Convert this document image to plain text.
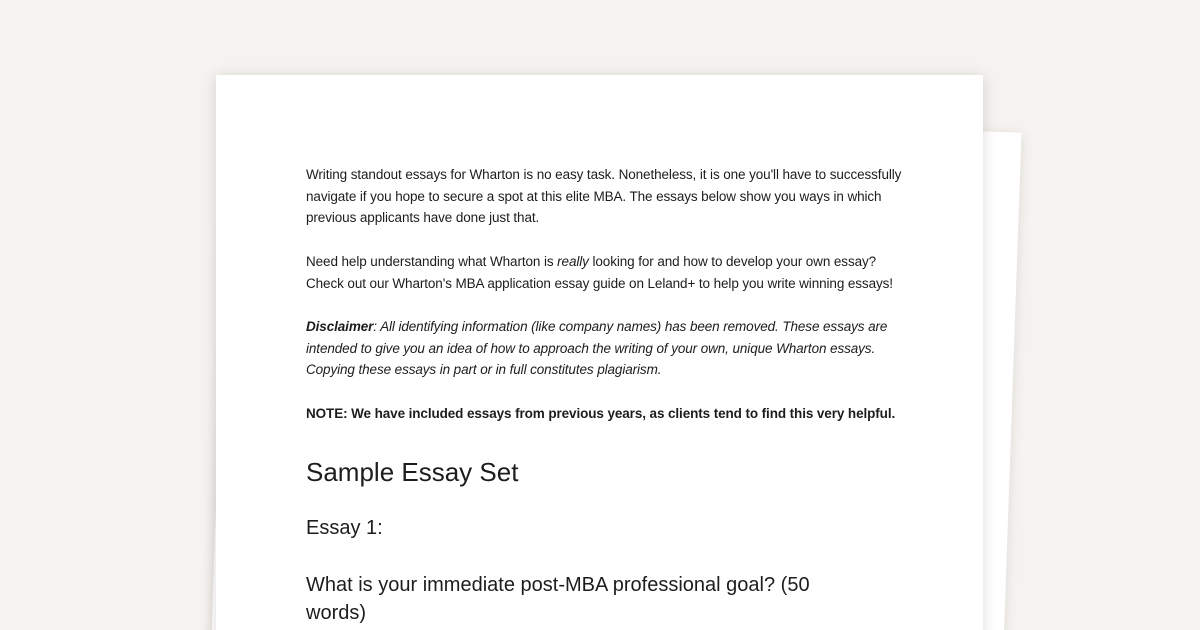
Writing standout essays for Wharton is no easy task. Nonetheless, it is one you'll have to successfully navigate if you hope to secure a spot at this elite MBA. The essays below show you ways in which previous applicants have done just that.

Need help understanding what Wharton is really looking for and how to develop your own essay? Check out our Wharton's MBA application essay guide on Leland+ to help you write winning essays!

Disclaimer: All identifying information (like company names) has been removed. These essays are intended to give you an idea of how to approach the writing of your own, unique Wharton essays. Copying these essays in part or in full constitutes plagiarism.

NOTE: We have included essays from previous years, as clients tend to find this very helpful.

Sample Essay Set
Essay 1:
What is your immediate post-MBA professional goal? (50 words)
